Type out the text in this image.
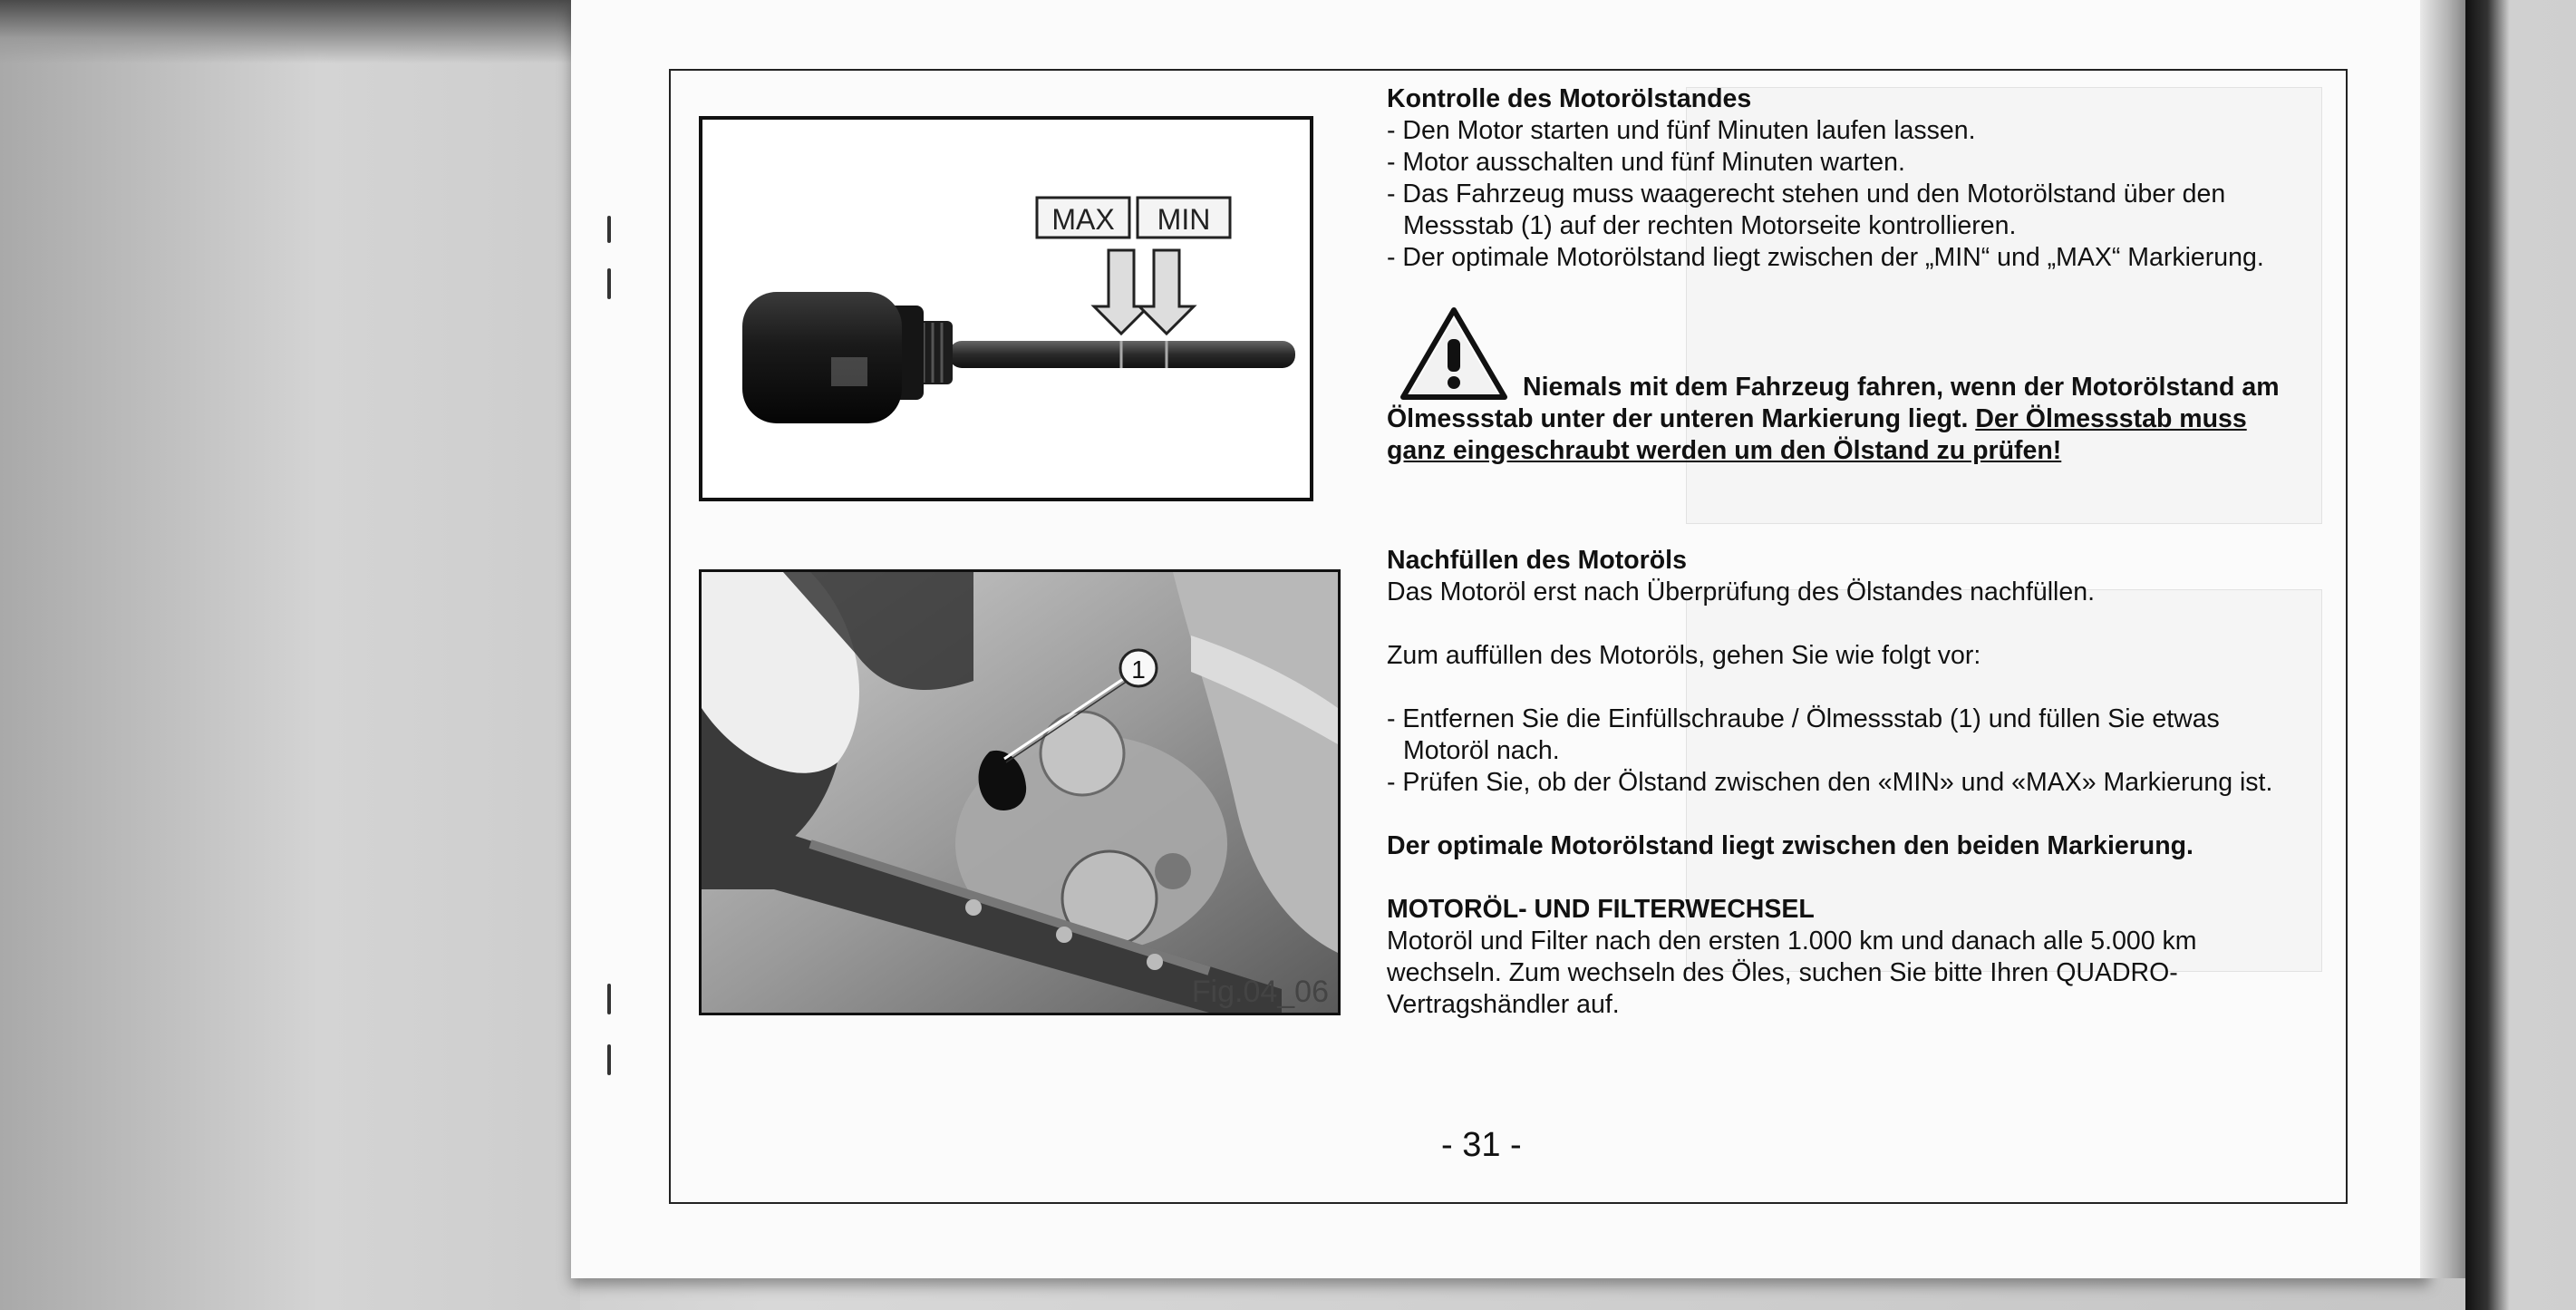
MAX MIN
1
Fig.04_06

Kontrolle des Motorölstandes

- Den Motor starten und fünf Minuten laufen lassen.

- Motor ausschalten und fünf Minuten warten.

- Das Fahrzeug muss waagerecht stehen und den Motorölstand über den Messstab (1) auf der rechten Motorseite kontrollieren.

- Der optimale Motorölstand liegt zwischen der „MIN“ und „MAX“ Markierung.

Niemals mit dem Fahrzeug fahren, wenn der Motorölstand am Ölmessstab unter der unteren Markierung liegt. Der Ölmessstab muss ganz eingeschraubt werden um den Ölstand zu prüfen!

Nachfüllen des Motoröls

Das Motoröl erst nach Überprüfung des Ölstandes nachfüllen.

Zum auffüllen des Motoröls, gehen Sie wie folgt vor:

- Entfernen Sie die Einfüllschraube / Ölmessstab (1) und füllen Sie etwas Motoröl nach.

- Prüfen Sie, ob der Ölstand zwischen den «MIN» und «MAX» Markierung ist.

Der optimale Motorölstand liegt zwischen den beiden Markierung.

MOTORÖL- UND FILTERWECHSEL

Motoröl und Filter nach den ersten 1.000 km und danach alle 5.000 km wechseln. Zum wechseln des Öles, suchen Sie bitte Ihren QUADRO-Vertragshändler auf.

- 31 -
